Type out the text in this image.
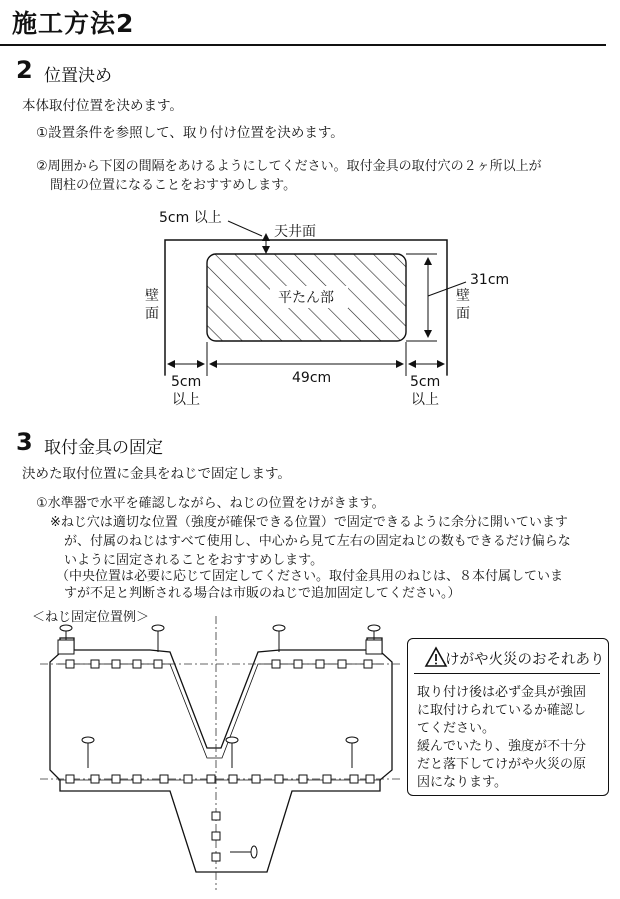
施工方法2
2 位置決め
本体取付位置を決めます。
①設置条件を参照して、取り付け位置を決めます。
②周囲から下図の間隔をあけるようにしてください。取付金具の取付穴の２ヶ所以上が
間柱の位置になることをおすすめします。
5cm 以上
天井面
平たん部
31cm
壁
面
壁
面
49cm
5cm
以上
5cm
以上
3 取付金具の固定
決めた取付位置に金具をねじで固定します。
①水準器で水平を確認しながら、ねじの位置をけがきます。
※ねじ穴は適切な位置（強度が確保できる位置）で固定できるように余分に開いています
が、付属のねじはすべて使用し、中心から見て左右の固定ねじの数もできるだけ偏らな
いように固定されることをおすすめします。
（中央位置は必要に応じて固定してください。取付金具用のねじは、８本付属していま
すが不足と判断される場合は市販のねじで追加固定してください。）
＜ねじ固定位置例＞
けがや火災のおそれあり
取り付け後は必ず金具が強固
に取付けられているか確認し
てください。
緩んでいたり、強度が不十分
だと落下してけがや火災の原
因になります。
